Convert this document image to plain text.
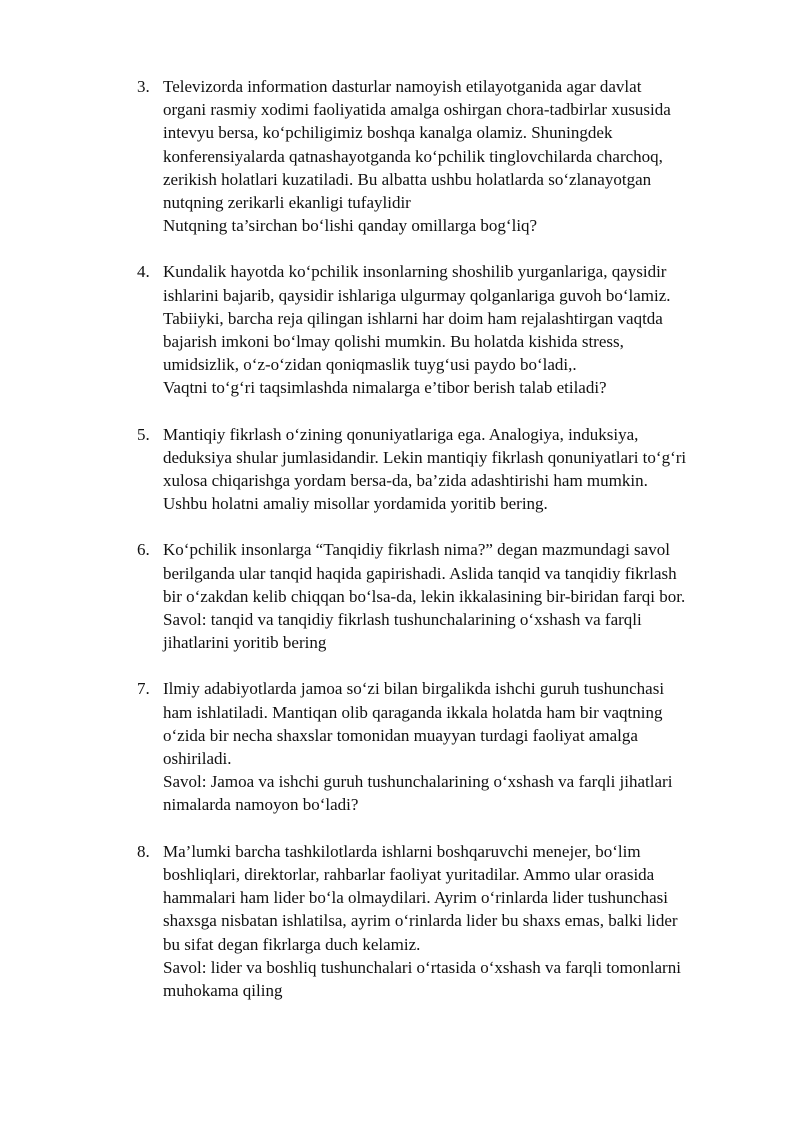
3. Televizorda information dasturlar namoyish etilayotganida agar davlat
organi rasmiy xodimi faoliyatida amalga oshirgan chora-tadbirlar xususida
intevyu bersa, ko‘pchiligimiz boshqa kanalga olamiz. Shuningdek
konferensiyalarda qatnashayotganda ko‘pchilik tinglovchilarda charchoq,
zerikish holatlari kuzatiladi. Bu albatta ushbu holatlarda so‘zlanayotgan
nutqning zerikarli ekanligi tufaylidir
Nutqning ta’sirchan bo‘lishi qanday omillarga bog‘liq?
4. Kundalik hayotda ko‘pchilik insonlarning shoshilib yurganlariga, qaysidir
ishlarini bajarib, qaysidir ishlariga ulgurmay qolganlariga guvoh bo‘lamiz.
Tabiiyki, barcha reja qilingan ishlarni har doim ham rejalashtirgan vaqtda
bajarish imkoni bo‘lmay qolishi mumkin. Bu holatda kishida stress,
umidsizlik, o‘z-o‘zidan qoniqmaslik tuyg‘usi paydo bo‘ladi,.
Vaqtni to‘g‘ri taqsimlashda nimalarga e’tibor berish talab etiladi?
5. Mantiqiy fikrlash o‘zining qonuniyatlariga ega. Analogiya, induksiya,
deduksiya shular jumlasidandir. Lekin mantiqiy fikrlash qonuniyatlari to‘g‘ri
xulosa chiqarishga yordam bersa-da, ba’zida adashtirishi ham mumkin.
Ushbu holatni amaliy misollar yordamida yoritib bering.
6. Ko‘pchilik insonlarga “Tanqidiy fikrlash nima?” degan mazmundagi savol
berilganda ular tanqid haqida gapirishadi. Aslida tanqid va tanqidiy fikrlash
bir o‘zakdan kelib chiqqan bo‘lsa-da, lekin ikkalasining bir-biridan farqi bor.
Savol: tanqid va tanqidiy fikrlash tushunchalarining o‘xshash va farqli
jihatlarini yoritib bering
7. Ilmiy adabiyotlarda jamoa so‘zi bilan birgalikda ishchi guruh tushunchasi
ham ishlatiladi. Mantiqan olib qaraganda ikkala holatda ham bir vaqtning
o‘zida bir necha shaxslar tomonidan muayyan turdagi faoliyat amalga
oshiriladi.
Savol: Jamoa va ishchi guruh tushunchalarining o‘xshash va farqli jihatlari
nimalarda namoyon bo‘ladi?
8. Ma’lumki barcha tashkilotlarda ishlarni boshqaruvchi menejer, bo‘lim
boshliqlari, direktorlar, rahbarlar faoliyat yuritadilar. Ammo ular orasida
hammalari ham lider bo‘la olmaydilari. Ayrim o‘rinlarda lider tushunchasi
shaxsga nisbatan ishlatilsa, ayrim o‘rinlarda lider bu shaxs emas, balki lider
bu sifat degan fikrlarga duch kelamiz.
Savol: lider va boshliq tushunchalari o‘rtasida o‘xshash va farqli tomonlarni
muhokama qiling
